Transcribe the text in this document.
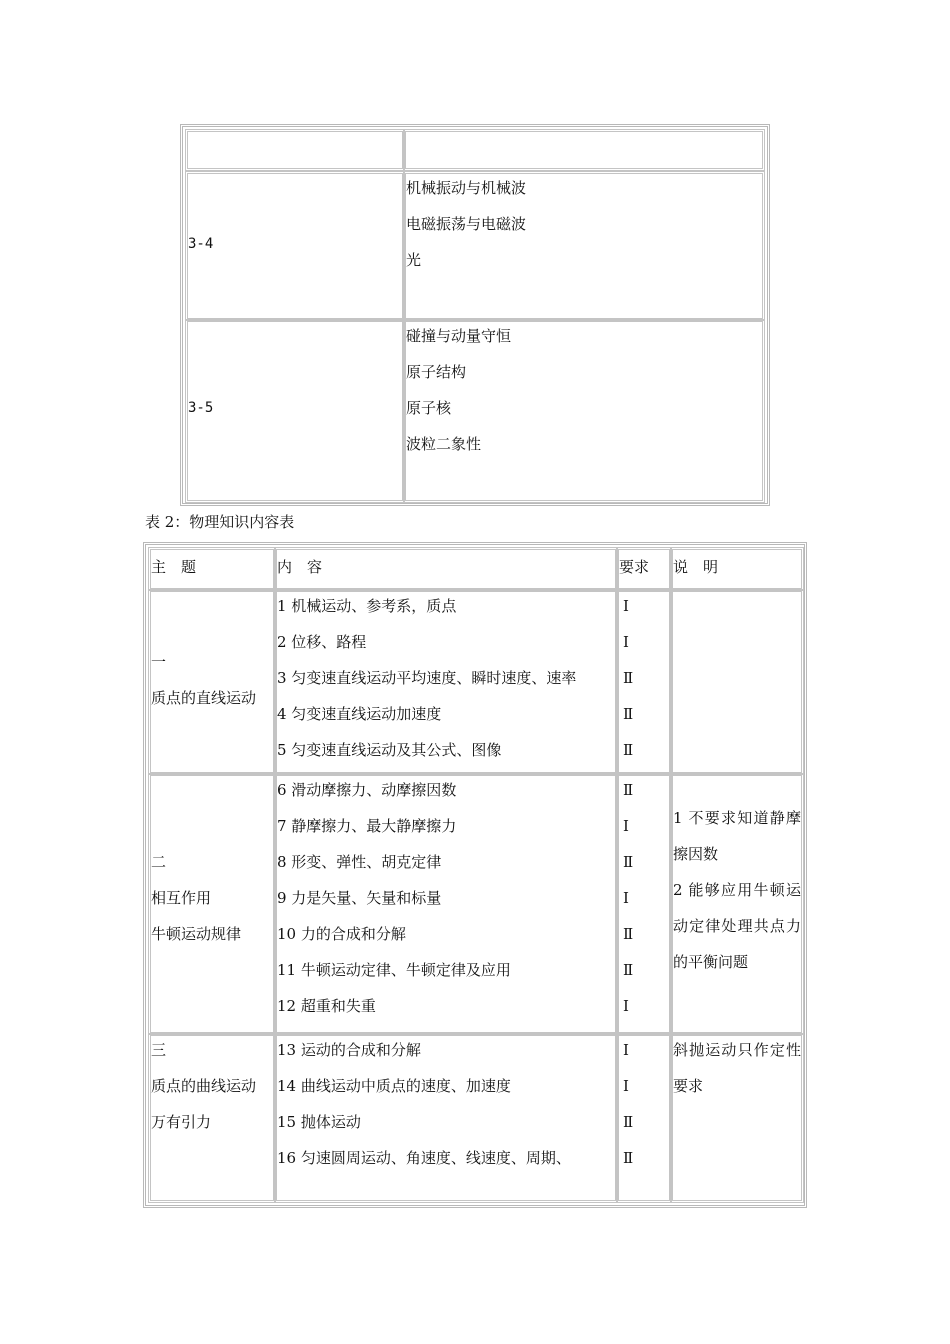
3-4
机械振动与机械波
电磁振荡与电磁波
光
3-5
碰撞与动量守恒
原子结构
原子核
波粒二象性
表 2：物理知识内容表
主　题	内　容	要求 说　明
一
质点的直线运动
1 机械运动、参考系，质点
2 位移、路程
3 匀变速直线运动平均速度、瞬时速度、速率
4 匀变速直线运动加速度
5 匀变速直线运动及其公式、图像
Ⅰ
Ⅰ
Ⅱ
Ⅱ
Ⅱ
二
相互作用
牛顿运动规律
6 滑动摩擦力、动摩擦因数
7 静摩擦力、最大静摩擦力
8 形变、弹性、胡克定律
9 力是矢量、矢量和标量
10 力的合成和分解
11 牛顿运动定律、牛顿定律及应用
12 超重和失重
Ⅱ
Ⅰ
Ⅱ
Ⅰ
Ⅱ
Ⅱ
Ⅰ

1 不要求知道静摩擦因数

2 能够应用牛顿运动定律处理共点力的平衡问题

三
质点的曲线运动
万有引力
13 运动的合成和分解
14 曲线运动中质点的速度、加速度
15 抛体运动
16 匀速圆周运动、角速度、线速度、周期、
Ⅰ
Ⅰ
Ⅱ
Ⅱ

斜抛运动只作定性要求
